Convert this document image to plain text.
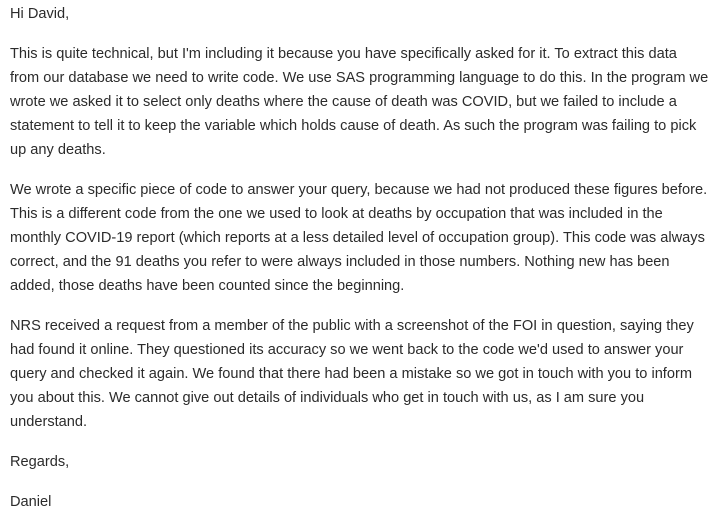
Hi David,

This is quite technical, but I'm including it because you have specifically asked for it. To extract this data from our database we need to write code. We use SAS programming language to do this. In the program we wrote we asked it to select only deaths where the cause of death was COVID, but we failed to include a statement to tell it to keep the variable which holds cause of death. As such the program was failing to pick up any deaths.

We wrote a specific piece of code to answer your query, because we had not produced these figures before. This is a different code from the one we used to look at deaths by occupation that was included in the monthly COVID-19 report (which reports at a less detailed level of occupation group). This code was always correct, and the 91 deaths you refer to were always included in those numbers. Nothing new has been added, those deaths have been counted since the beginning.

NRS received a request from a member of the public with a screenshot of the FOI in question, saying they had found it online. They questioned its accuracy so we went back to the code we'd used to answer your query and checked it again. We found that there had been a mistake so we got in touch with you to inform you about this. We cannot give out details of individuals who get in touch with us, as I am sure you understand.

Regards,

Daniel
